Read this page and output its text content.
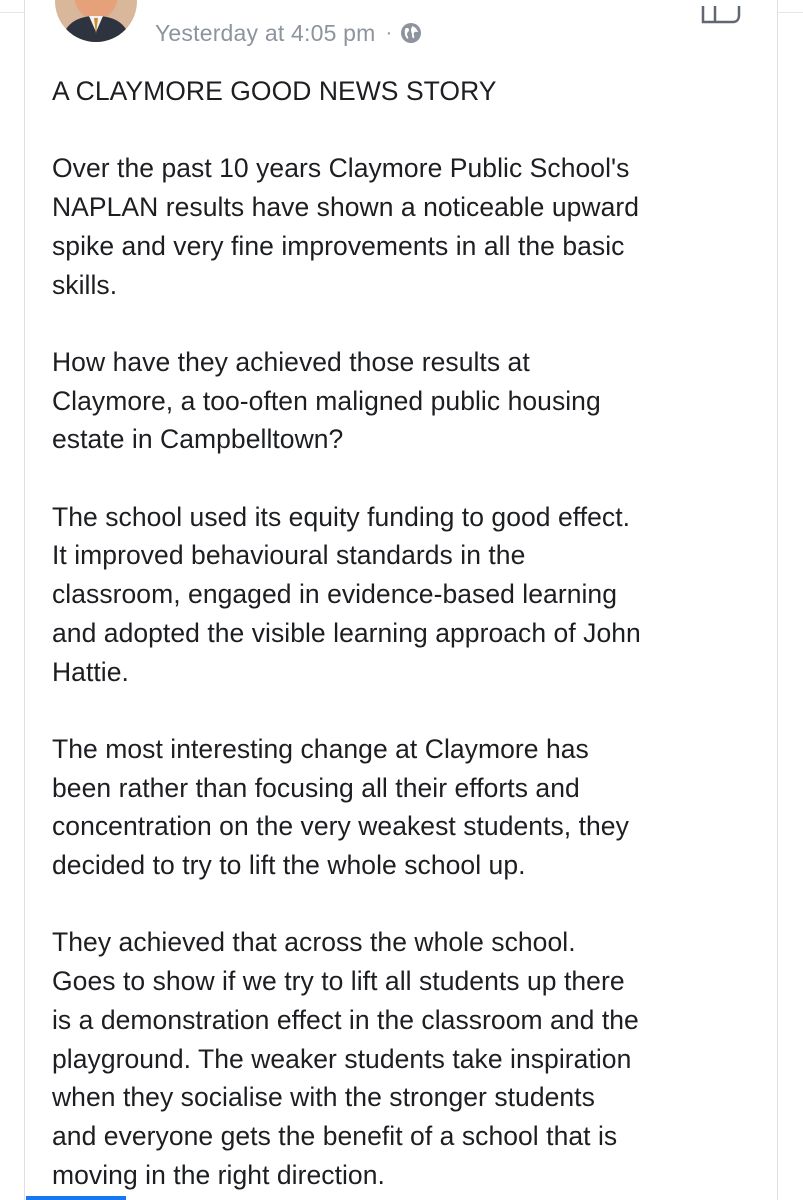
Yesterday at 4:05 pm ·

A CLAYMORE GOOD NEWS STORY

Over the past 10 years Claymore Public School's
NAPLAN results have shown a noticeable upward
spike and very fine improvements in all the basic
skills.

How have they achieved those results at
Claymore, a too-often maligned public housing
estate in Campbelltown?

The school used its equity funding to good effect.
It improved behavioural standards in the
classroom, engaged in evidence-based learning
and adopted the visible learning approach of John
Hattie.

The most interesting change at Claymore has
been rather than focusing all their efforts and
concentration on the very weakest students, they
decided to try to lift the whole school up.

They achieved that across the whole school.
Goes to show if we try to lift all students up there
is a demonstration effect in the classroom and the
playground. The weaker students take inspiration
when they socialise with the stronger students
and everyone gets the benefit of a school that is
moving in the right direction.
